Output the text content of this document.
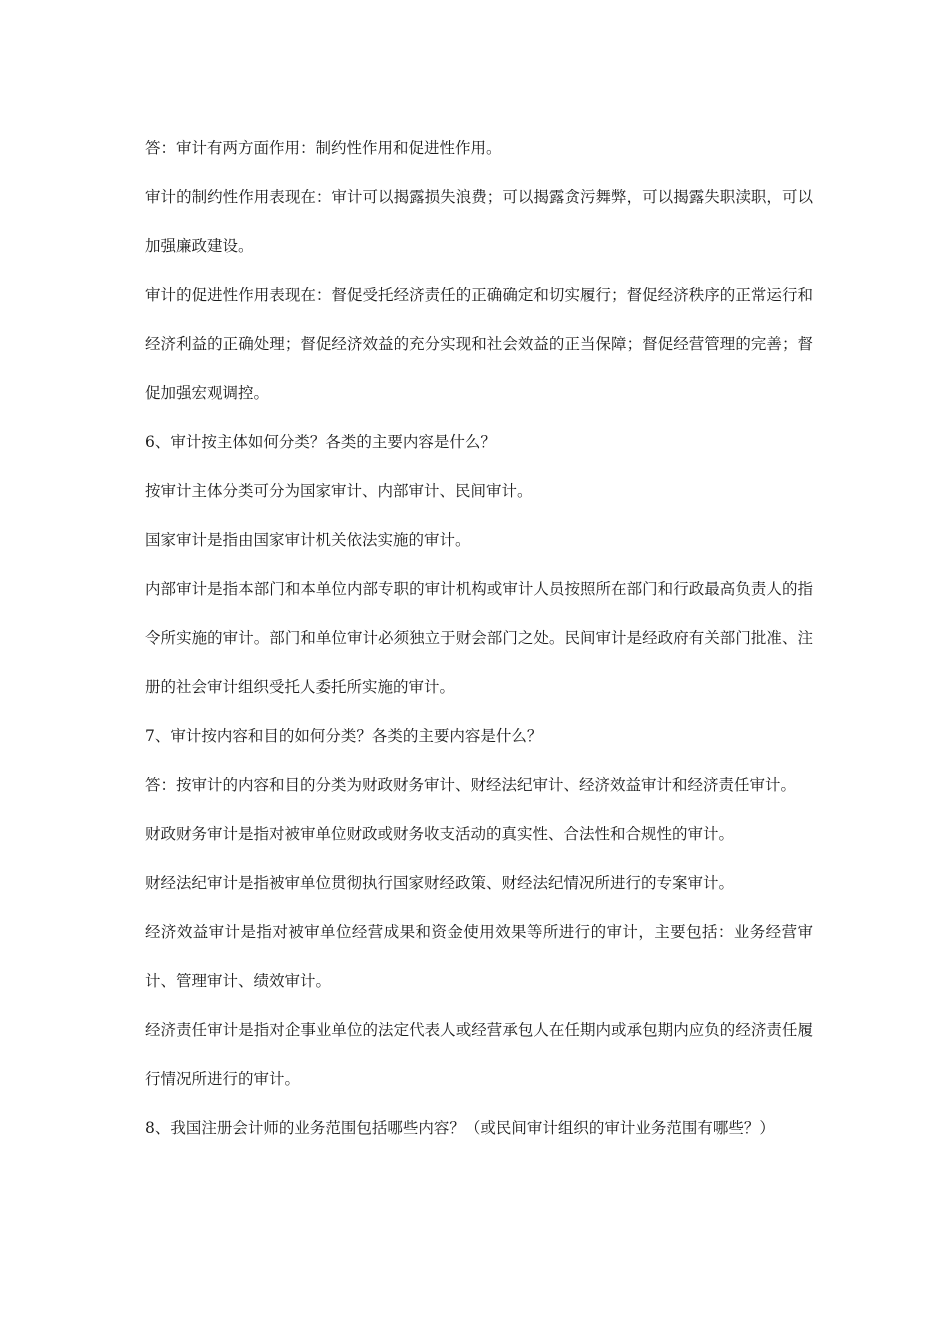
答：审计有两方面作用：制约性作用和促进性作用。

审计的制约性作用表现在：审计可以揭露损失浪费；可以揭露贪污舞弊，可以揭露失职渎职，可以加强廉政建设。

审计的促进性作用表现在：督促受托经济责任的正确确定和切实履行；督促经济秩序的正常运行和经济利益的正确处理；督促经济效益的充分实现和社会效益的正当保障；督促经营管理的完善；督促加强宏观调控。

6、审计按主体如何分类？各类的主要内容是什么？

按审计主体分类可分为国家审计、内部审计、民间审计。

国家审计是指由国家审计机关依法实施的审计。

内部审计是指本部门和本单位内部专职的审计机构或审计人员按照所在部门和行政最高负责人的指令所实施的审计。部门和单位审计必须独立于财会部门之处。民间审计是经政府有关部门批准、注册的社会审计组织受托人委托所实施的审计。

7、审计按内容和目的如何分类？各类的主要内容是什么？

答：按审计的内容和目的分类为财政财务审计、财经法纪审计、经济效益审计和经济责任审计。

财政财务审计是指对被审单位财政或财务收支活动的真实性、合法性和合规性的审计。

财经法纪审计是指被审单位贯彻执行国家财经政策、财经法纪情况所进行的专案审计。

经济效益审计是指对被审单位经营成果和资金使用效果等所进行的审计，主要包括：业务经营审计、管理审计、绩效审计。

经济责任审计是指对企事业单位的法定代表人或经营承包人在任期内或承包期内应负的经济责任履行情况所进行的审计。

8、我国注册会计师的业务范围包括哪些内容？（或民间审计组织的审计业务范围有哪些？）
